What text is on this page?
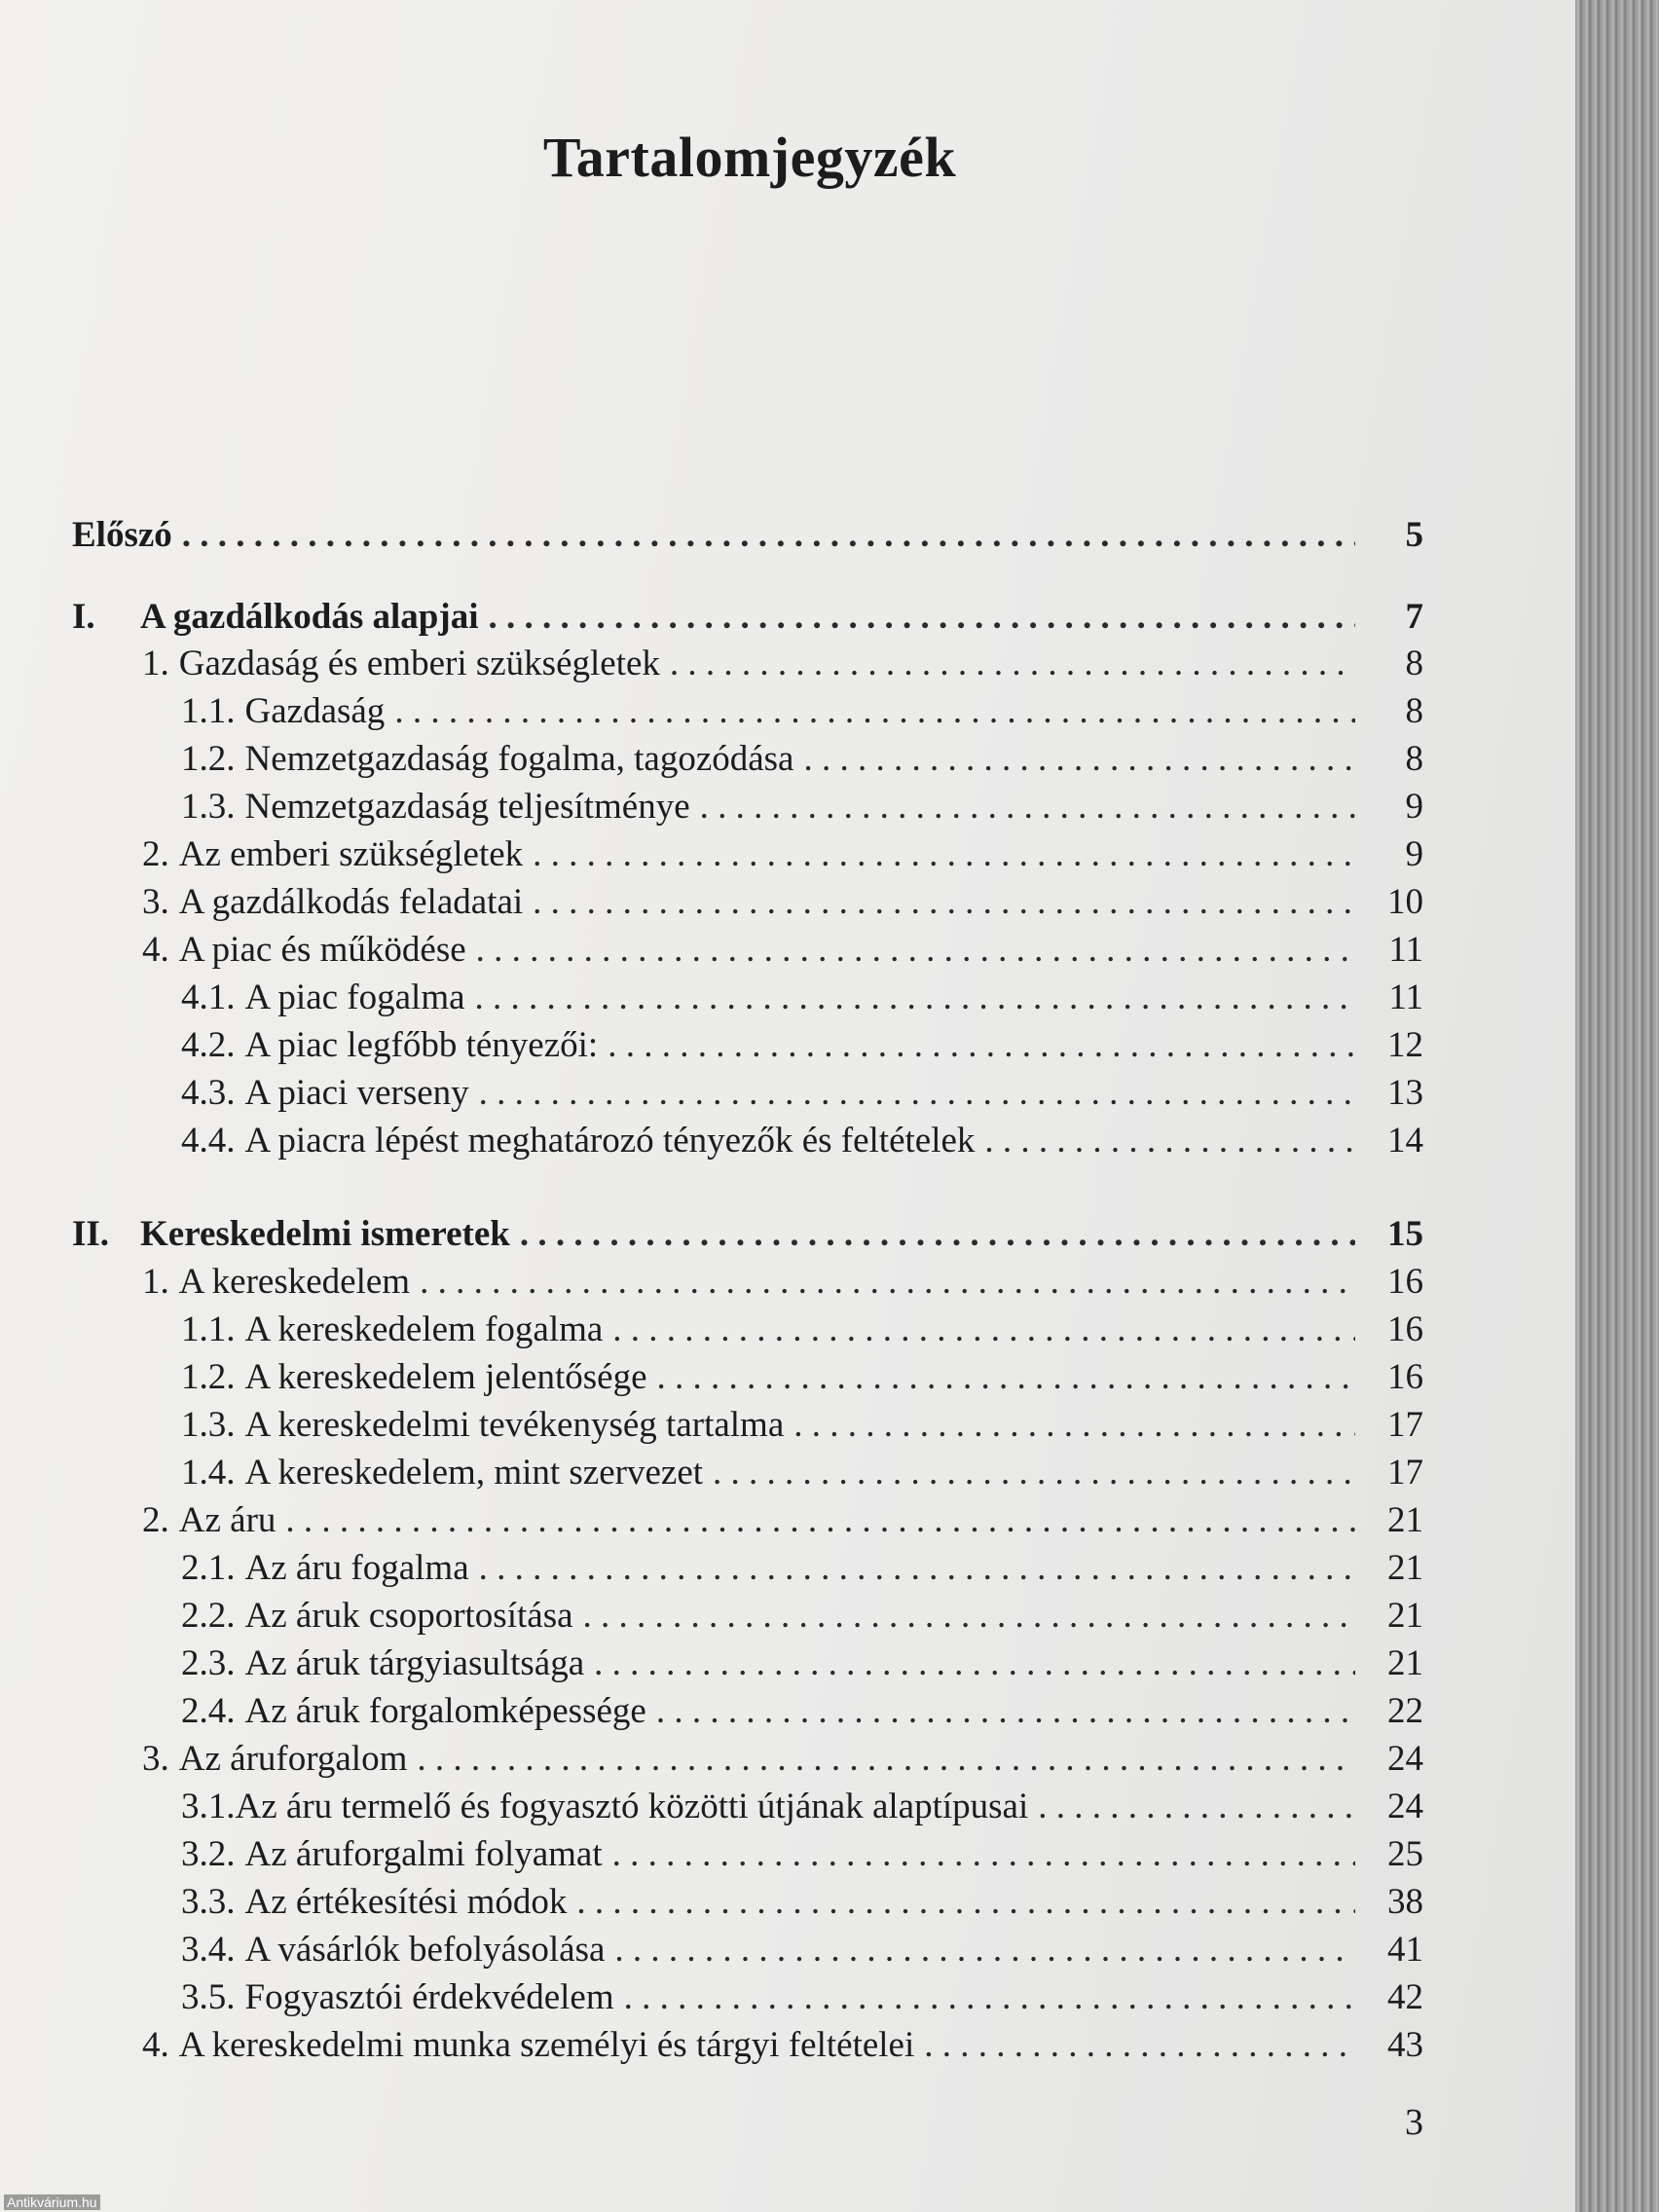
Tartalomjegyzék
Előszó . . .	5
I.	A gazdálkodás alapjai . . .	7
1. Gazdaság és emberi szükségletek . . .	8
1.1. Gazdaság . . .	8
1.2. Nemzetgazdaság fogalma, tagozódása . . .	8
1.3. Nemzetgazdaság teljesítménye . . .	9
2. Az emberi szükségletek . . .	9
3. A gazdálkodás feladatai . . .	10
4. A piac és működése . . .	11
4.1. A piac fogalma . . .	11
4.2. A piac legfőbb tényezői: . . .	12
4.3. A piaci verseny . . .	13
4.4. A piacra lépést meghatározó tényezők és feltételek . . .	14
II. Kereskedelmi ismeretek . . .	15
1. A kereskedelem . . .	16
1.1. A kereskedelem fogalma . . .	16
1.2. A kereskedelem jelentősége . . .	16
1.3. A kereskedelmi tevékenység tartalma . . .	17
1.4. A kereskedelem, mint szervezet . . .	17
2. Az áru . . .	21
2.1. Az áru fogalma . . .	21
2.2. Az áruk csoportosítása . . .	21
2.3. Az áruk tárgyiasultsága . . .	21
2.4. Az áruk forgalomképessége . . .	22
3. Az áruforgalom . . .	24
3.1. Az áru termelő és fogyasztó közötti útjának alaptípusai . . .	24
3.2. Az áruforgalmi folyamat . . .	25
3.3. Az értékesítési módok . . .	38
3.4. A vásárlók befolyásolása . . .	41
3.5. Fogyasztói érdekvédelem . . .	42
4. A kereskedelmi munka személyi és tárgyi feltételei . . .	43
3
Antikvárium.hu
